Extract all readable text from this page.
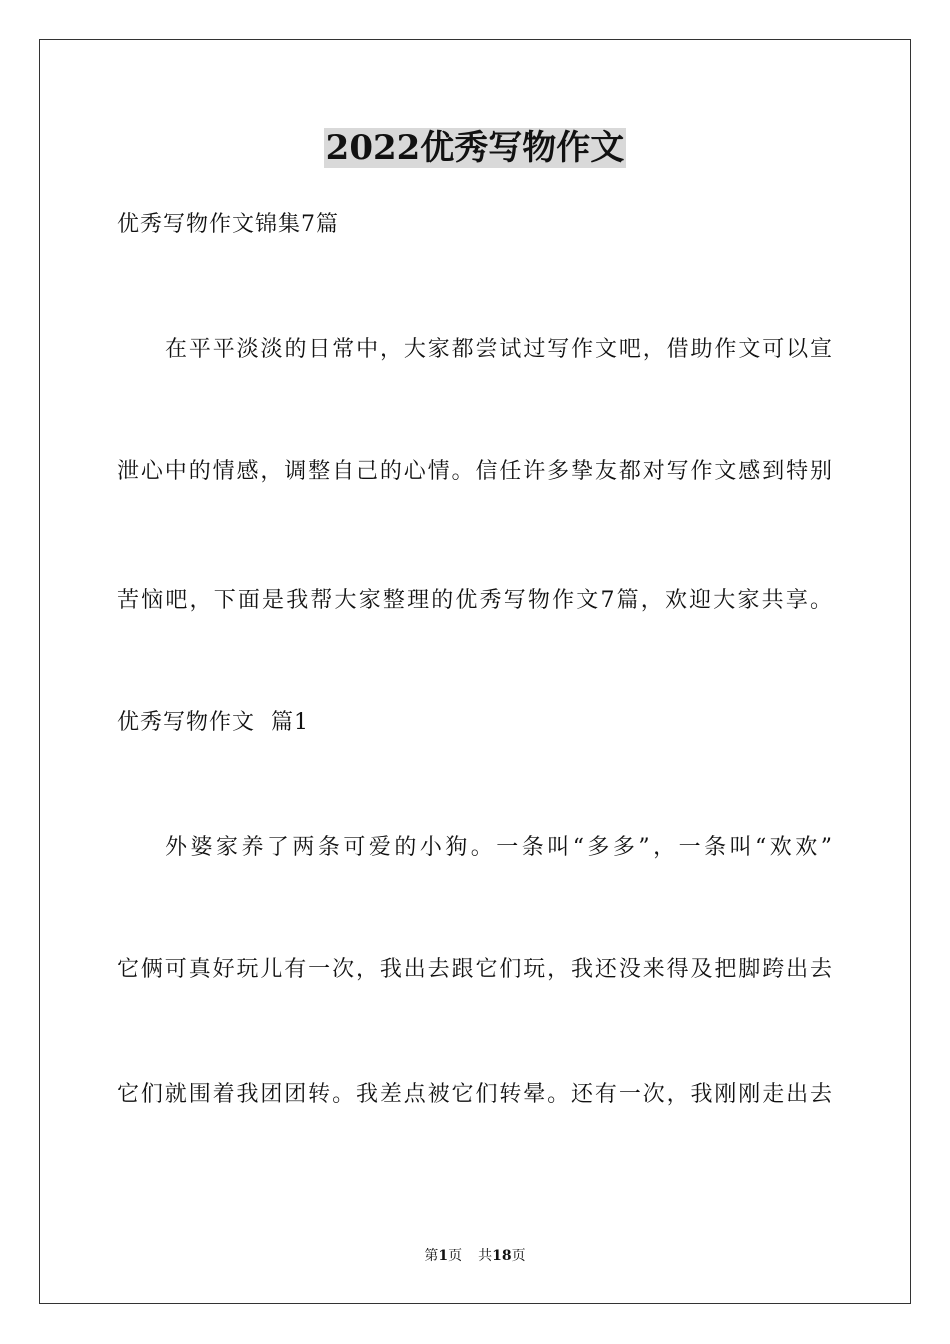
2022优秀写物作文
优秀写物作文锦集7篇
在平平淡淡的日常中，大家都尝试过写作文吧，借助作文可以宣
泄心中的情感，调整自己的心情。信任许多挚友都对写作文感到特别
苦恼吧，下面是我帮大家整理的优秀写物作文7篇，欢迎大家共享。
优秀写物作文  篇1
外婆家养了两条可爱的小狗。一条叫“多多”，一条叫“欢欢”
它俩可真好玩儿有一次，我出去跟它们玩，我还没来得及把脚跨出去
它们就围着我团团转。我差点被它们转晕。还有一次，我刚刚走出去
第1页 共18页
